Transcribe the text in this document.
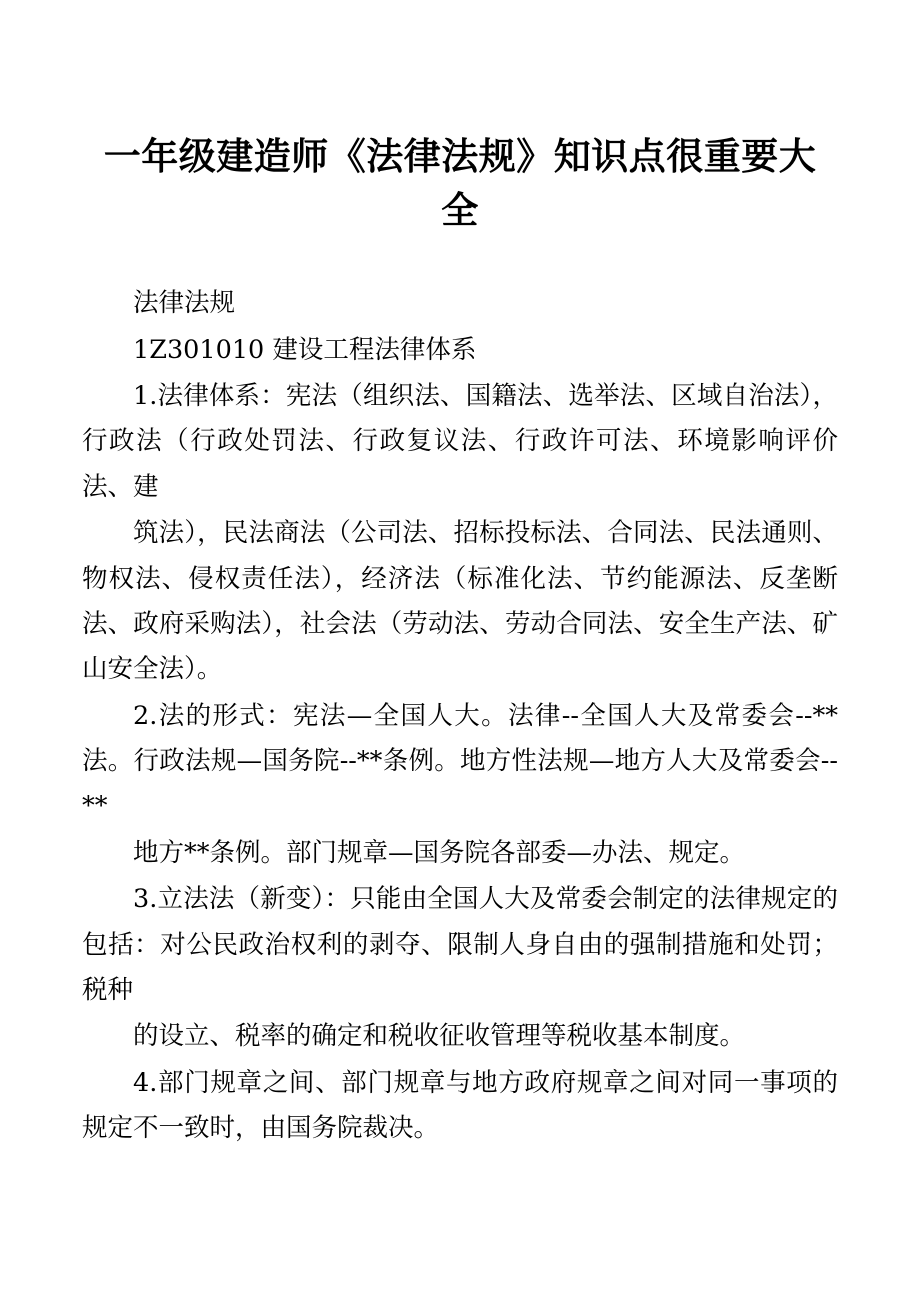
一年级建造师《法律法规》知识点很重要大全

法律法规

1Z301010 建设工程法律体系

1.法律体系：宪法（组织法、国籍法、选举法、区域自治法），行政法（行政处罚法、行政复议法、行政许可法、环境影响评价法、建

筑法），民法商法（公司法、招标投标法、合同法、民法通则、物权法、侵权责任法），经济法（标准化法、节约能源法、反垄断法、政府采购法），社会法（劳动法、劳动合同法、安全生产法、矿山安全法）。

2.法的形式：宪法—全国人大。法律--全国人大及常委会--**法。行政法规—国务院--**条例。地方性法规—地方人大及常委会--**

地方**条例。部门规章—国务院各部委—办法、规定。

3.立法法（新变）：只能由全国人大及常委会制定的法律规定的包括：对公民政治权利的剥夺、限制人身自由的强制措施和处罚；税种

的设立、税率的确定和税收征收管理等税收基本制度。

4.部门规章之间、部门规章与地方政府规章之间对同一事项的规定不一致时，由国务院裁决。
